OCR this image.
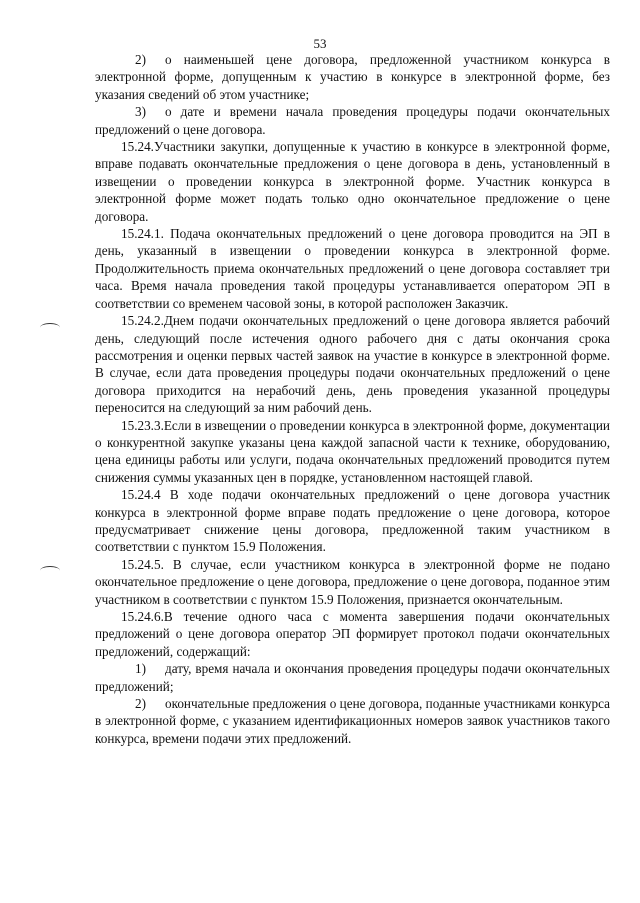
53

2) о наименьшей цене договора, предложенной участником конкурса в электронной форме, допущенным к участию в конкурсе в электронной форме, без указания сведений об этом участнике;

3) о дате и времени начала проведения процедуры подачи окончательных предложений о цене договора.

15.24.Участники закупки, допущенные к участию в конкурсе в электронной форме, вправе подавать окончательные предложения о цене договора в день, установленный в извещении о проведении конкурса в электронной форме. Участник конкурса в электронной форме может подать только одно окончательное предложение о цене договора.

15.24.1. Подача окончательных предложений о цене договора проводится на ЭП в день, указанный в извещении о проведении конкурса в электронной форме. Продолжительность приема окончательных предложений о цене договора составляет три часа. Время начала проведения такой процедуры устанавливается оператором ЭП в соответствии со временем часовой зоны, в которой расположен Заказчик.

15.24.2.Днем подачи окончательных предложений о цене договора является рабочий день, следующий после истечения одного рабочего дня с даты окончания срока рассмотрения и оценки первых частей заявок на участие в конкурсе в электронной форме. В случае, если дата проведения процедуры подачи окончательных предложений о цене договора приходится на нерабочий день, день проведения указанной процедуры переносится на следующий за ним рабочий день.

15.23.3.Если в извещении о проведении конкурса в электронной форме, документации о конкурентной закупке указаны цена каждой запасной части к технике, оборудованию, цена единицы работы или услуги, подача окончательных предложений проводится путем снижения суммы указанных цен в порядке, установленном настоящей главой.

15.24.4 В ходе подачи окончательных предложений о цене договора участник конкурса в электронной форме вправе подать предложение о цене договора, которое предусматривает снижение цены договора, предложенной таким участником в соответствии с пунктом 15.9 Положения.

15.24.5. В случае, если участником конкурса в электронной форме не подано окончательное предложение о цене договора, предложение о цене договора, поданное этим участником в соответствии с пунктом 15.9 Положения, признается окончательным.

15.24.6.В течение одного часа с момента завершения подачи окончательных предложений о цене договора оператор ЭП формирует протокол подачи окончательных предложений, содержащий:

1) дату, время начала и окончания проведения процедуры подачи окончательных предложений;

2) окончательные предложения о цене договора, поданные участниками конкурса в электронной форме, с указанием идентификационных номеров заявок участников такого конкурса, времени подачи этих предложений.
